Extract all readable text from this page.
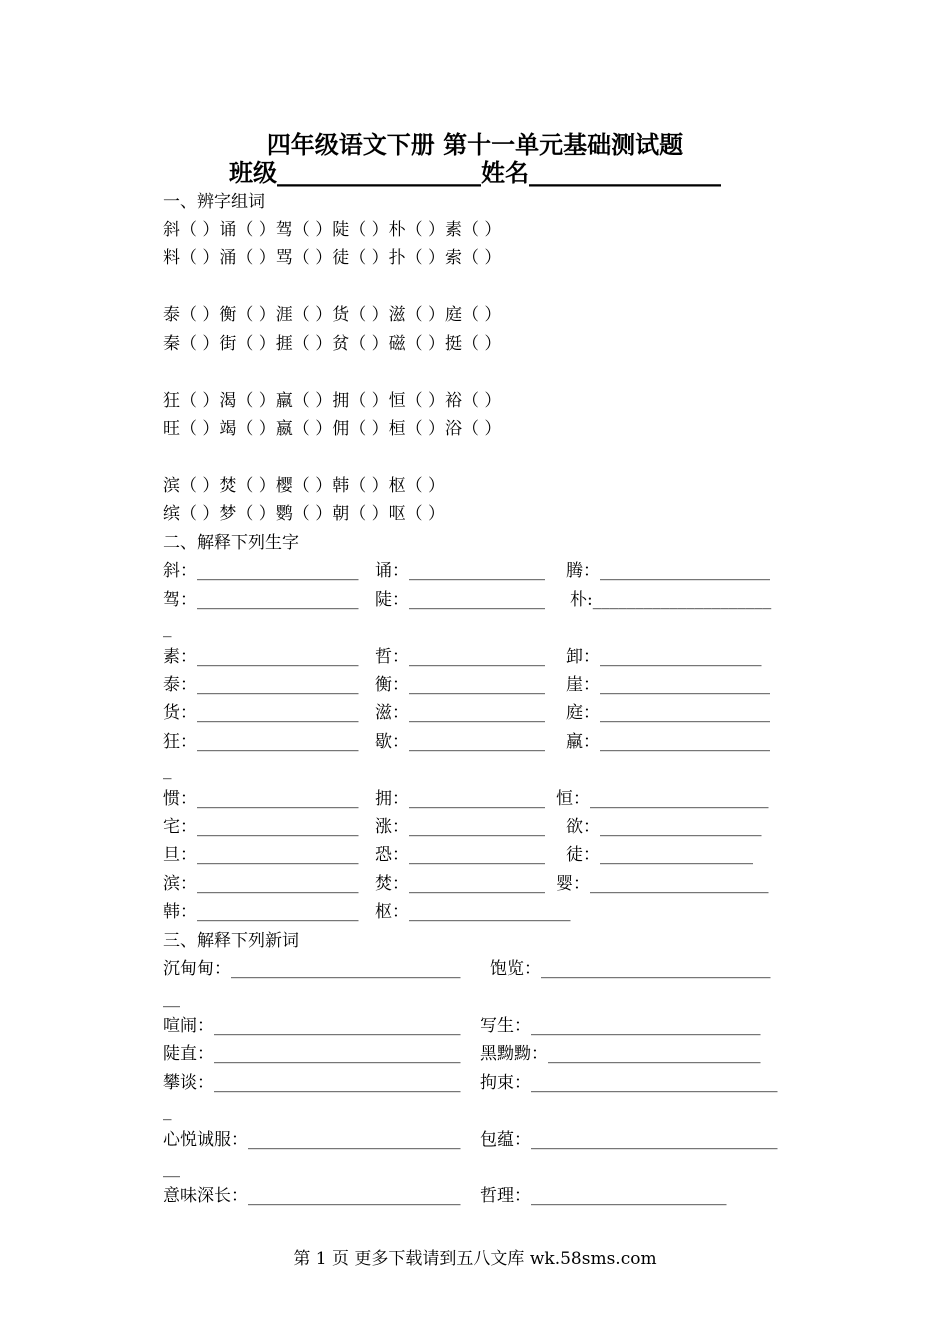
四年级语文下册 第十一单元基础测试题
班级_________________姓名________________
一、辨字组词
斜（ ）诵（ ）驾（ ）陡（ ）朴（ ）素（ ）
料（ ）涌（ ）骂（ ）徒（ ）扑（ ）索（ ）
泰（ ）衡（ ）涯（ ）货（ ）滋（ ）庭（ ）
秦（ ）街（ ）捱（ ）贫（ ）磁（ ）挺（ ）
狂（ ）渴（ ）羸（ ）拥（ ）恒（ ）裕（ ）
旺（ ）竭（ ）嬴（ ）佣（ ）桓（ ）浴（ ）
滨（ ）焚（ ）樱（ ）韩（ ）枢（ ）
缤（ ）梦（ ）鹦（ ）朝（ ）呕（ ）
二、解释下列生字
斜：___________________ 诵：________________ 腾：____________________
驾：___________________ 陡：________________ 朴:_____________________
_
素：___________________ 哲：________________ 卸：___________________
泰：___________________ 衡：________________ 崖：____________________
货：___________________ 滋：________________ 庭：____________________
狂：___________________ 歇：________________ 羸：____________________
_
惯：___________________ 拥：________________ 恒：_____________________
宅：___________________ 涨：________________ 欲：___________________
旦：___________________ 恐：________________ 徒：__________________
滨：___________________ 焚：________________ 婴：_____________________
韩：___________________ 枢：___________________
三、解释下列新词
沉甸甸：___________________________ 饱览：___________________________
__
喧闹：_____________________________ 写生：___________________________
陡直：_____________________________ 黑黝黝：_________________________
攀谈：_____________________________ 拘束：_____________________________
_
心悦诚服：_________________________ 包蕴：_____________________________
__
意味深长：_________________________ 哲理：_______________________
第 1 页 更多下载请到五八文库 wk.58sms.com
